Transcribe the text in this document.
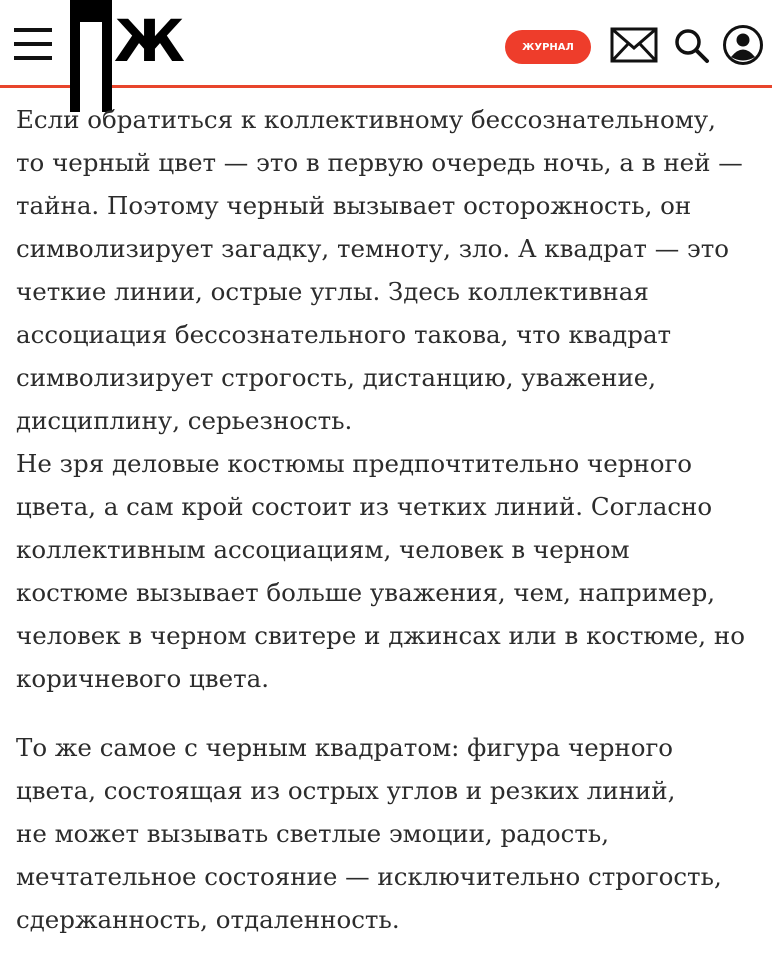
Ж	ЖУРНАЛ

Если обратиться к коллективному бессознательному,
то черный цвет — это в первую очередь ночь, а в ней —
тайна. Поэтому черный вызывает осторожность, он
символизирует загадку, темноту, зло. А квадрат — это
четкие линии, острые углы. Здесь коллективная
ассоциация бессознательного такова, что квадрат
символизирует строгость, дистанцию, уважение,
дисциплину, серьезность.

Не зря деловые костюмы предпочтительно черного
цвета, а сам крой состоит из четких линий. Согласно
коллективным ассоциациям, человек в черном
костюме вызывает больше уважения, чем, например,
человек в черном свитере и джинсах или в костюме, но
коричневого цвета.

То же самое с черным квадратом: фигура черного
цвета, состоящая из острых углов и резких линий,
не может вызывать светлые эмоции, радость,
мечтательное состояние — исключительно строгость,
сдержанность, отдаленность.
